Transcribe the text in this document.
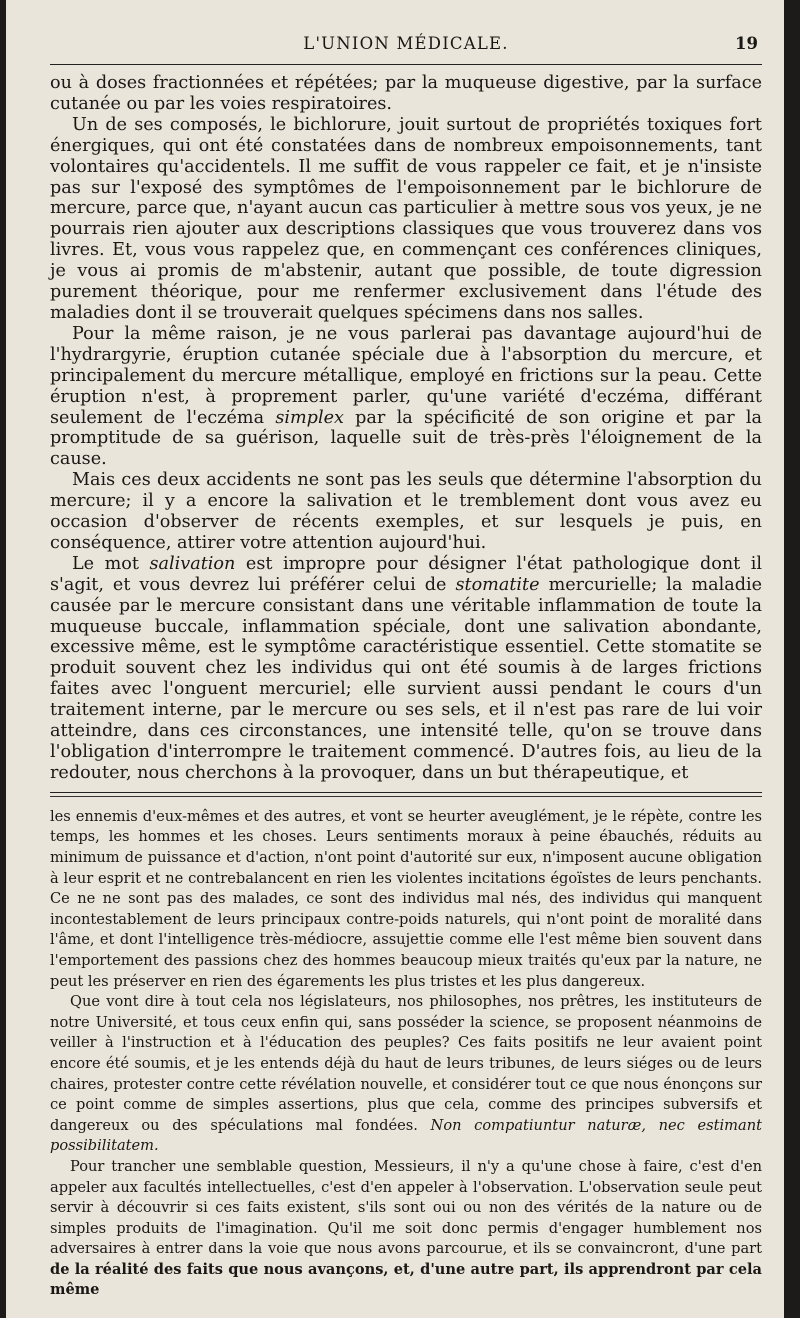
L'UNION MÉDICALE.	19

ou à doses fractionnées et répétées; par la muqueuse digestive, par la surface cutanée ou par les voies respiratoires.

Un de ses composés, le bichlorure, jouit surtout de propriétés toxiques fort énergiques, qui ont été constatées dans de nombreux empoisonnements, tant volontaires qu'accidentels. Il me suffit de vous rappeler ce fait, et je n'insiste pas sur l'exposé des symptômes de l'empoisonnement par le bichlorure de mercure, parce que, n'ayant aucun cas particulier à mettre sous vos yeux, je ne pourrais rien ajouter aux descriptions classiques que vous trouverez dans vos livres. Et, vous vous rappelez que, en commençant ces conférences cliniques, je vous ai promis de m'abstenir, autant que possible, de toute digression purement théorique, pour me renfermer exclusivement dans l'étude des maladies dont il se trouverait quelques spécimens dans nos salles.

Pour la même raison, je ne vous parlerai pas davantage aujourd'hui de l'hydrargyrie, éruption cutanée spéciale due à l'absorption du mercure, et principalement du mercure métallique, employé en frictions sur la peau. Cette éruption n'est, à proprement parler, qu'une variété d'eczéma, différant seulement de l'eczéma simplex par la spécificité de son origine et par la promptitude de sa guérison, laquelle suit de très-près l'éloignement de la cause.

Mais ces deux accidents ne sont pas les seuls que détermine l'absorption du mercure; il y a encore la salivation et le tremblement dont vous avez eu occasion d'observer de récents exemples, et sur lesquels je puis, en conséquence, attirer votre attention aujourd'hui.

Le mot salivation est impropre pour désigner l'état pathologique dont il s'agit, et vous devrez lui préférer celui de stomatite mercurielle; la maladie causée par le mercure consistant dans une véritable inflammation de toute la muqueuse buccale, inflammation spéciale, dont une salivation abondante, excessive même, est le symptôme caractéristique essentiel. Cette stomatite se produit souvent chez les individus qui ont été soumis à de larges frictions faites avec l'onguent mercuriel; elle survient aussi pendant le cours d'un traitement interne, par le mercure ou ses sels, et il n'est pas rare de lui voir atteindre, dans ces circonstances, une intensité telle, qu'on se trouve dans l'obligation d'interrompre le traitement commencé. D'autres fois, au lieu de la redouter, nous cherchons à la provoquer, dans un but thérapeutique, et

les ennemis d'eux-mêmes et des autres, et vont se heurter aveuglément, je le répète, contre les temps, les hommes et les choses. Leurs sentiments moraux à peine ébauchés, réduits au minimum de puissance et d'action, n'ont point d'autorité sur eux, n'imposent aucune obligation à leur esprit et ne contrebalancent en rien les violentes incitations égoïstes de leurs penchants. Ce ne ne sont pas des malades, ce sont des individus mal nés, des individus qui manquent incontestablement de leurs principaux contre-poids naturels, qui n'ont point de moralité dans l'âme, et dont l'intelligence très-médiocre, assujettie comme elle l'est même bien souvent dans l'emportement des passions chez des hommes beaucoup mieux traités qu'eux par la nature, ne peut les préserver en rien des égarements les plus tristes et les plus dangereux.

Que vont dire à tout cela nos législateurs, nos philosophes, nos prêtres, les instituteurs de notre Université, et tous ceux enfin qui, sans posséder la science, se proposent néanmoins de veiller à l'instruction et à l'éducation des peuples? Ces faits positifs ne leur avaient point encore été soumis, et je les entends déjà du haut de leurs tribunes, de leurs siéges ou de leurs chaires, protester contre cette révélation nouvelle, et considérer tout ce que nous énonçons sur ce point comme de simples assertions, plus que cela, comme des principes subversifs et dangereux ou des spéculations mal fondées. Non compatiuntur naturæ, nec estimant possibilitatem.

Pour trancher une semblable question, Messieurs, il n'y a qu'une chose à faire, c'est d'en appeler aux facultés intellectuelles, c'est d'en appeler à l'observation. L'observation seule peut servir à découvrir si ces faits existent, s'ils sont oui ou non des vérités de la nature ou de simples produits de l'imagination. Qu'il me soit donc permis d'engager humblement nos adversaires à entrer dans la voie que nous avons parcourue, et ils se convaincront, d'une part de la réalité des faits que nous avançons, et, d'une autre part, ils apprendront par cela même
